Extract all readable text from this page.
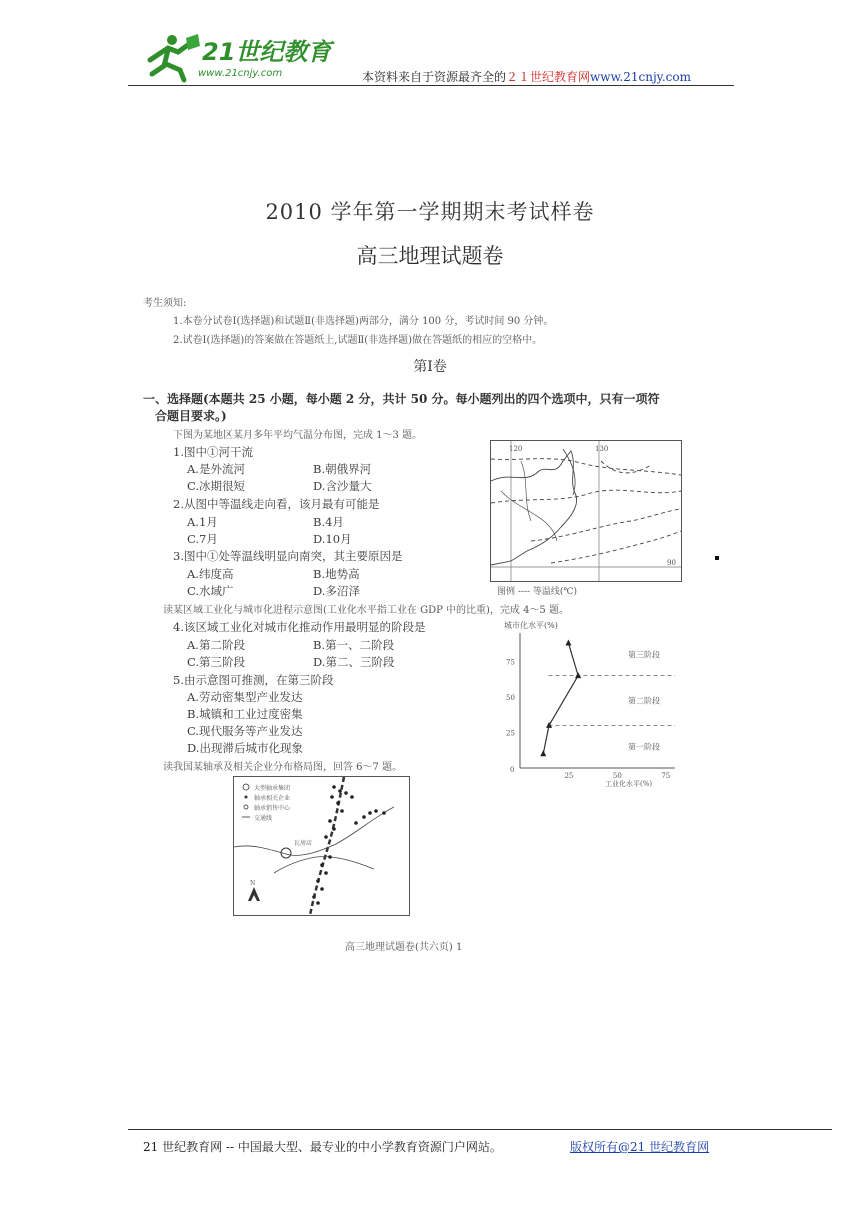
21世纪教育
www.21cnjy.com	本资料来自于资源最齐全的２１世纪教育网www.21cnjy.com
2010 学年第一学期期末考试样卷
高三地理试题卷
考生须知:
1.本卷分试卷Ⅰ(选择题)和试题Ⅱ(非选择题)两部分，满分 100 分，考试时间 90 分钟。
2.试卷Ⅰ(选择题)的答案做在答题纸上,试题Ⅱ(非选择题)做在答题纸的相应的空格中。
第Ⅰ卷
一、选择题(本题共 25 小题，每小题 2 分，共计 50 分。每小题列出的四个选项中，只有一项符
合题目要求。)
下图为某地区某月多年平均气温分布图，完成 1～3 题。
1.图中①河干流
A.是外流河	B.朝俄界河
C.冰期很短	D.含沙量大
2.从图中等温线走向看，该月最有可能是
A.1月	B.4月
C.7月	D.10月
3.图中①处等温线明显向南突，其主要原因是
A.纬度高	B.地势高
C.水域广	D.多沼泽
读某区域工业化与城市化进程示意图(工业化水平指工业在 GDP 中的比重)，完成 4～5 题。
4.该区域工业化对城市化推动作用最明显的阶段是
A.第二阶段	B.第一、二阶段
C.第三阶段	D.第二、三阶段
5.由示意图可推测，在第三阶段
A.劳动密集型产业发达
B.城镇和工业过度密集
C.现代服务等产业发达
D.出现滞后城市化现象
读我国某轴承及相关企业分布格局图，回答 6～7 题。
120	130
90
图例 ---- 等温线(℃)
城市化水平(%)
工业化水平(%)
0
25	50	75
25
50
75
第一阶段
第二阶段
第三阶段
大型轴承集团
轴承相关企业
轴承销售中心
交通线
瓦房店
N
高三地理试题卷(共六页) 1
21 世纪教育网 -- 中国最大型、最专业的中小学教育资源门户网站。	版权所有@21 世纪教育网
